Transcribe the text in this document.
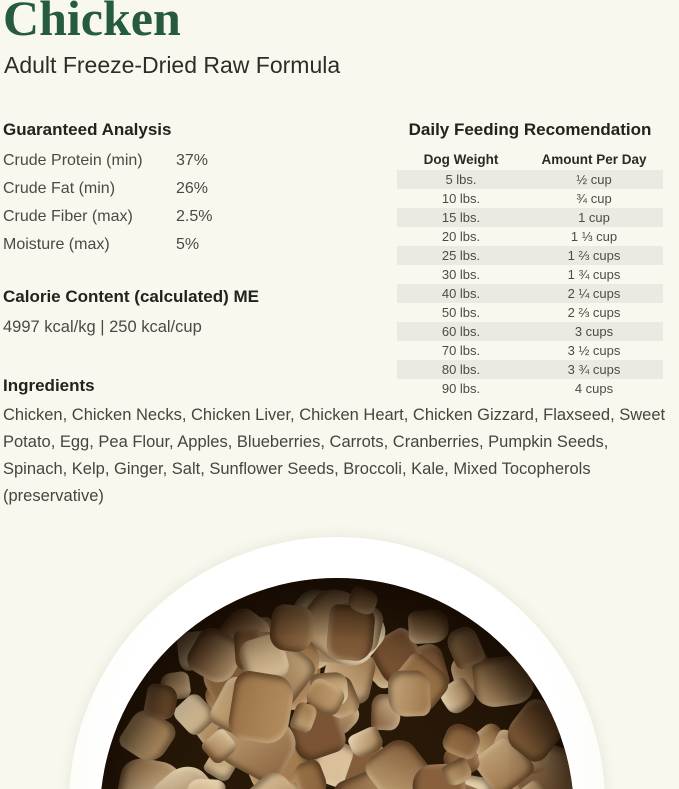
Chicken
Adult Freeze-Dried Raw Formula
Guaranteed Analysis
Crude Protein (min)	37%
Crude Fat (min)	26%
Crude Fiber (max)	2.5%
Moisture (max)	5%
Calorie Content (calculated) ME
4997 kcal/kg | 250 kcal/cup
Ingredients
Chicken, Chicken Necks, Chicken Liver, Chicken Heart, Chicken Gizzard, Flaxseed, Sweet Potato, Egg, Pea Flour, Apples, Blueberries, Carrots, Cranberries, Pumpkin Seeds, Spinach, Kelp, Ginger, Salt, Sunflower Seeds, Broccoli, Kale, Mixed Tocopherols (preservative)
Daily Feeding Recomendation
Dog Weight	Amount Per Day
5 lbs.	½ cup
10 lbs.	¾ cup
15 lbs.	1 cup
20 lbs.	1 ⅓ cup
25 lbs.	1 ⅔ cups
30 lbs.	1 ¾ cups
40 lbs.	2 ¼ cups
50 lbs.	2 ⅔ cups
60 lbs.	3 cups
70 lbs.	3 ½ cups
80 lbs.	3 ¾ cups
90 lbs.	4 cups
